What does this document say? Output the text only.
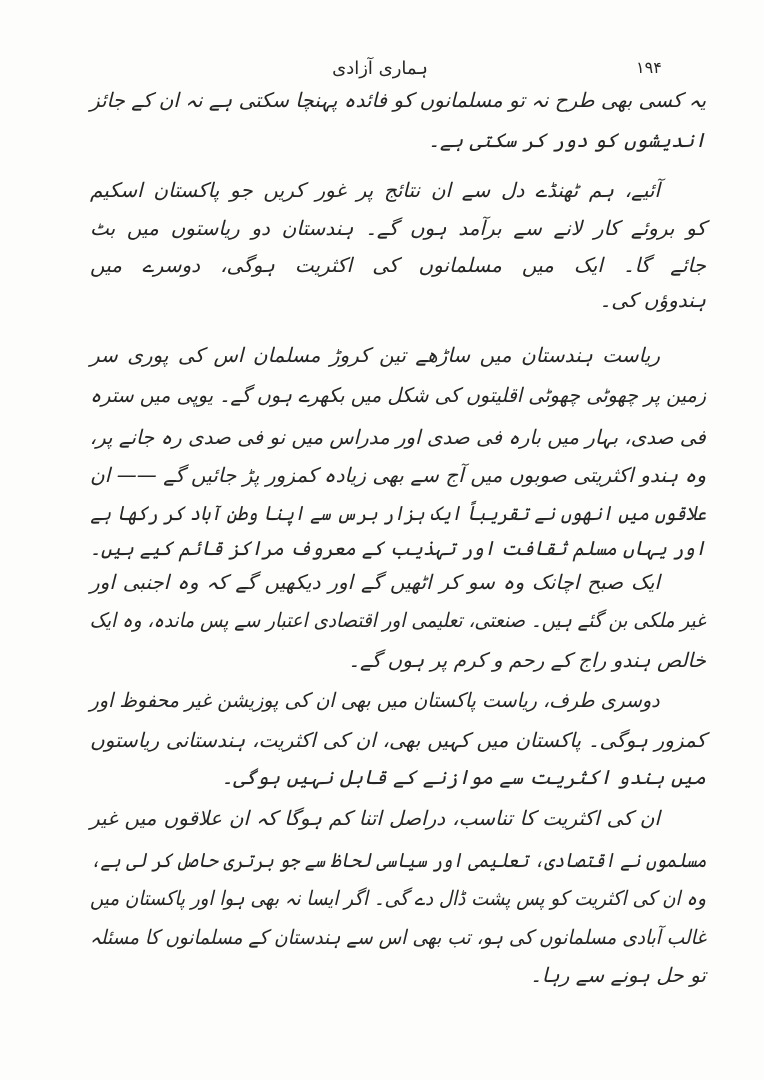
ہماری آزادی	۱۹۴
یہ کسی بھی طرح نہ تو مسلمانوں کو فائدہ پہنچا سکتی ہے نہ ان کے جائز
اندیشوں کو دور کر سکتی ہے۔
آئیے، ہم ٹھنڈے دل سے ان نتائج پر غور کریں جو پاکستان اسکیم
کو بروئے کار لانے سے برآمد ہوں گے۔ ہندستان دو ریاستوں میں بٹ
جائے گا۔ ایک میں مسلمانوں کی اکثریت ہوگی، دوسرے میں
ہندوؤں کی۔
ریاست ہندستان میں ساڑھے تین کروڑ مسلمان اس کی پوری سر
زمین پر چھوٹی چھوٹی اقلیتوں کی شکل میں بکھرے ہوں گے۔ یوپی میں سترہ
فی صدی، بہار میں بارہ فی صدی اور مدراس میں نو فی صدی رہ جانے پر،
وہ ہندو اکثریتی صوبوں میں آج سے بھی زیادہ کمزور پڑ جائیں گے —— ان
علاقوں میں انھوں نے تقریباً ایک ہزار برس سے اپنا وطن آباد کر رکھا ہے
اور یہاں مسلم ثقافت اور تہذیب کے معروف مراکز قائم کیے ہیں۔
ایک صبح اچانک وہ سو کر اٹھیں گے اور دیکھیں گے کہ وہ اجنبی اور
غیر ملکی بن گئے ہیں۔ صنعتی، تعلیمی اور اقتصادی اعتبار سے پس ماندہ، وہ ایک
خالص ہندو راج کے رحم و کرم پر ہوں گے۔
دوسری طرف، ریاست پاکستان میں بھی ان کی پوزیشن غیر محفوظ اور
کمزور ہوگی۔ پاکستان میں کہیں بھی، ان کی اکثریت، ہندستانی ریاستوں
میں ہندو اکثریت سے موازنے کے قابل نہیں ہوگی۔
ان کی اکثریت کا تناسب، دراصل اتنا کم ہوگا کہ ان علاقوں میں غیر
مسلموں نے اقتصادی، تعلیمی اور سیاسی لحاظ سے جو برتری حاصل کر لی ہے،
وہ ان کی اکثریت کو پس پشت ڈال دے گی۔ اگر ایسا نہ بھی ہوا اور پاکستان میں
غالب آبادی مسلمانوں کی ہو، تب بھی اس سے ہندستان کے مسلمانوں کا مسئلہ
تو حل ہونے سے رہا۔
